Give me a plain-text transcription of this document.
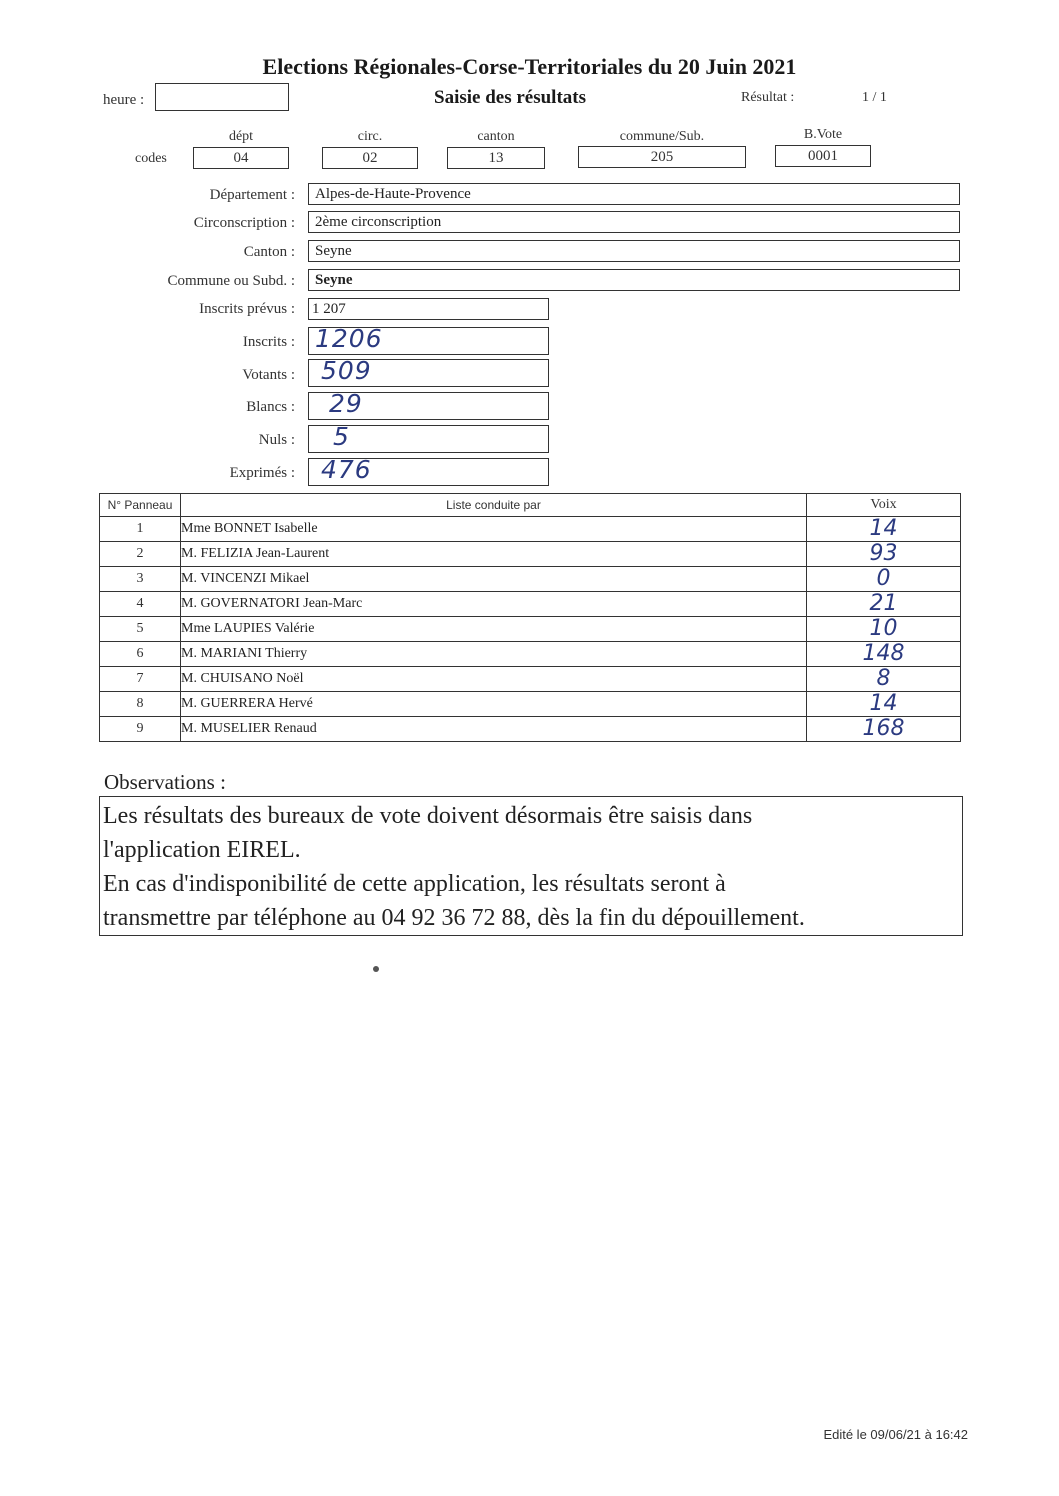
Elections Régionales-Corse-Territoriales du 20 Juin 2021
heure :	Saisie des résultats	Résultat :	1 / 1
dépt	circ.	canton	commune/Sub.	B.Vote
codes	04	02	13	205	0001
Département :	Alpes-de-Haute-Provence
Circonscription :	2ème circonscription
Canton :	Seyne
Commune ou Subd. :	Seyne
Inscrits prévus : 1 207
Inscrits : 1206
Votants : 509
Blancs : 29
Nuls : 5
Exprimés : 476
N° Panneau	Liste conduite par	Voix
1	Mme BONNET Isabelle	14
2	M. FELIZIA Jean-Laurent	93
3	M. VINCENZI Mikael	0
4	M. GOVERNATORI Jean-Marc	21
5	Mme LAUPIES Valérie	10
6	M. MARIANI Thierry	148
7	M. CHUISANO Noël	8
8	M. GUERRERA Hervé	14
9	M. MUSELIER Renaud	168
Observations :
Les résultats des bureaux de vote doivent désormais être saisis dans
l'application EIREL.
En cas d'indisponibilité de cette application, les résultats seront à
transmettre par téléphone au 04 92 36 72 88, dès la fin du dépouillement.
Edité le 09/06/21 à 16:42
